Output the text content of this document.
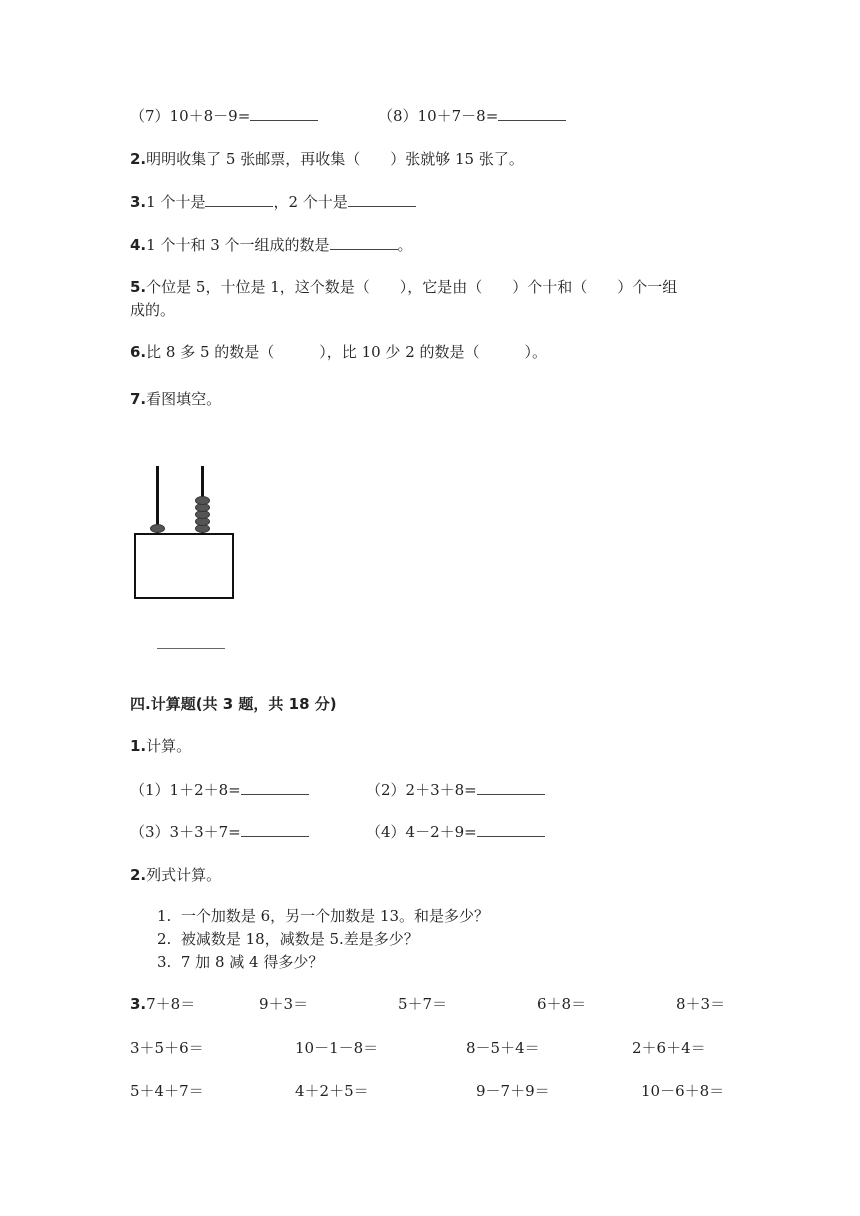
（7）10＋8－9=	（8）10＋7－8=
2.明明收集了 5 张邮票，再收集（　　）张就够 15 张了。
3.1 个十是	，2 个十是
4.1 个十和 3 个一组成的数是	。
5.个位是 5，十位是 1，这个数是（　　），它是由（　　）个十和（　　）个一组
成的。
6.比 8 多 5 的数是（　　　），比 10 少 2 的数是（　　　）。
7.看图填空。
四.计算题(共 3 题，共 18 分)
1.计算。
（1）1＋2＋8=	（2）2＋3＋8=
（3）3＋3＋7=	（4）4－2＋9=
2.列式计算。
1. 一个加数是 6，另一个加数是 13。和是多少？
2. 被减数是 18，减数是 5.差是多少？
3. 7 加 8 减 4 得多少？
3.7＋8＝	9＋3＝	5＋7＝	6＋8＝	8＋3＝
3＋5＋6＝	10－1－8＝	8－5＋4＝	2＋6＋4＝
5＋4＋7＝	4＋2＋5＝	9－7＋9＝	10－6＋8＝
